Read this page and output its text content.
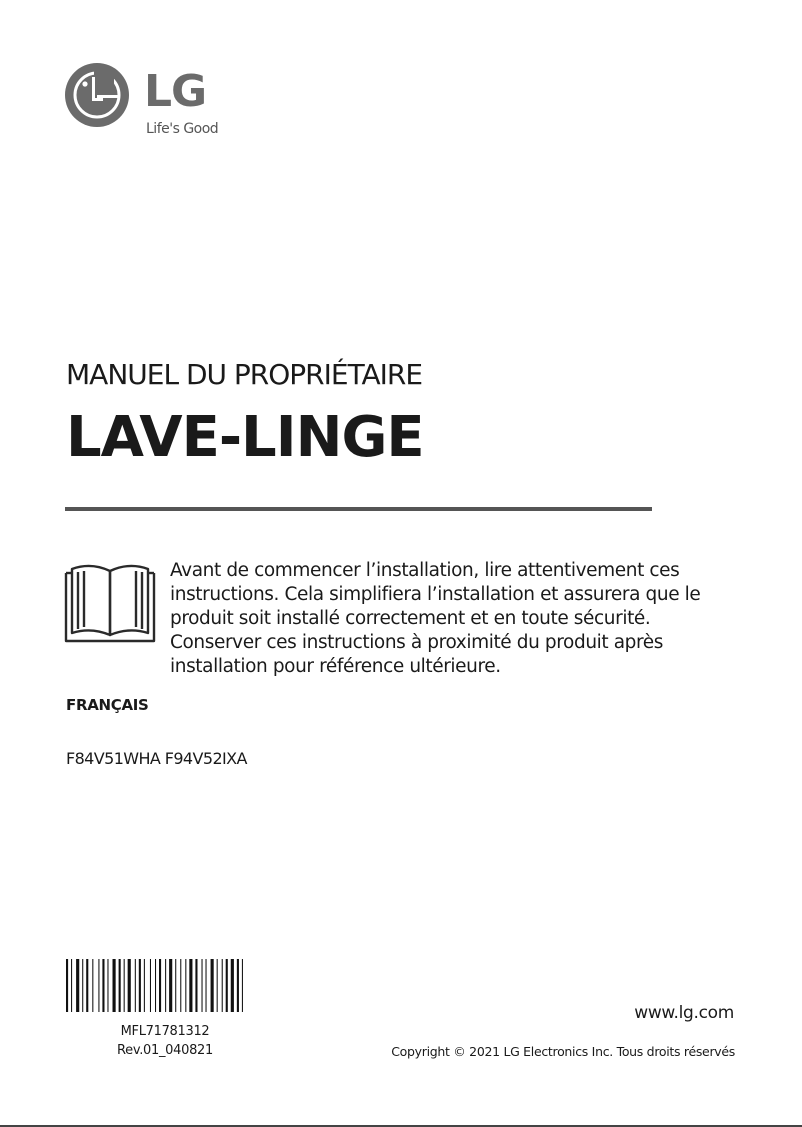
LG
Life's Good
MANUEL DU PROPRIÉTAIRE
LAVE-LINGE
Avant de commencer l’installation, lire attentivement ces instructions. Cela simplifiera l’installation et assurera que le produit soit installé correctement et en toute sécurité. Conserver ces instructions à proximité du produit après installation pour référence ultérieure.
FRANÇAIS
F84V51WHA F94V52IXA
MFL71781312
Rev.01_040821
www.lg.com
Copyright © 2021 LG Electronics Inc. Tous droits réservés
